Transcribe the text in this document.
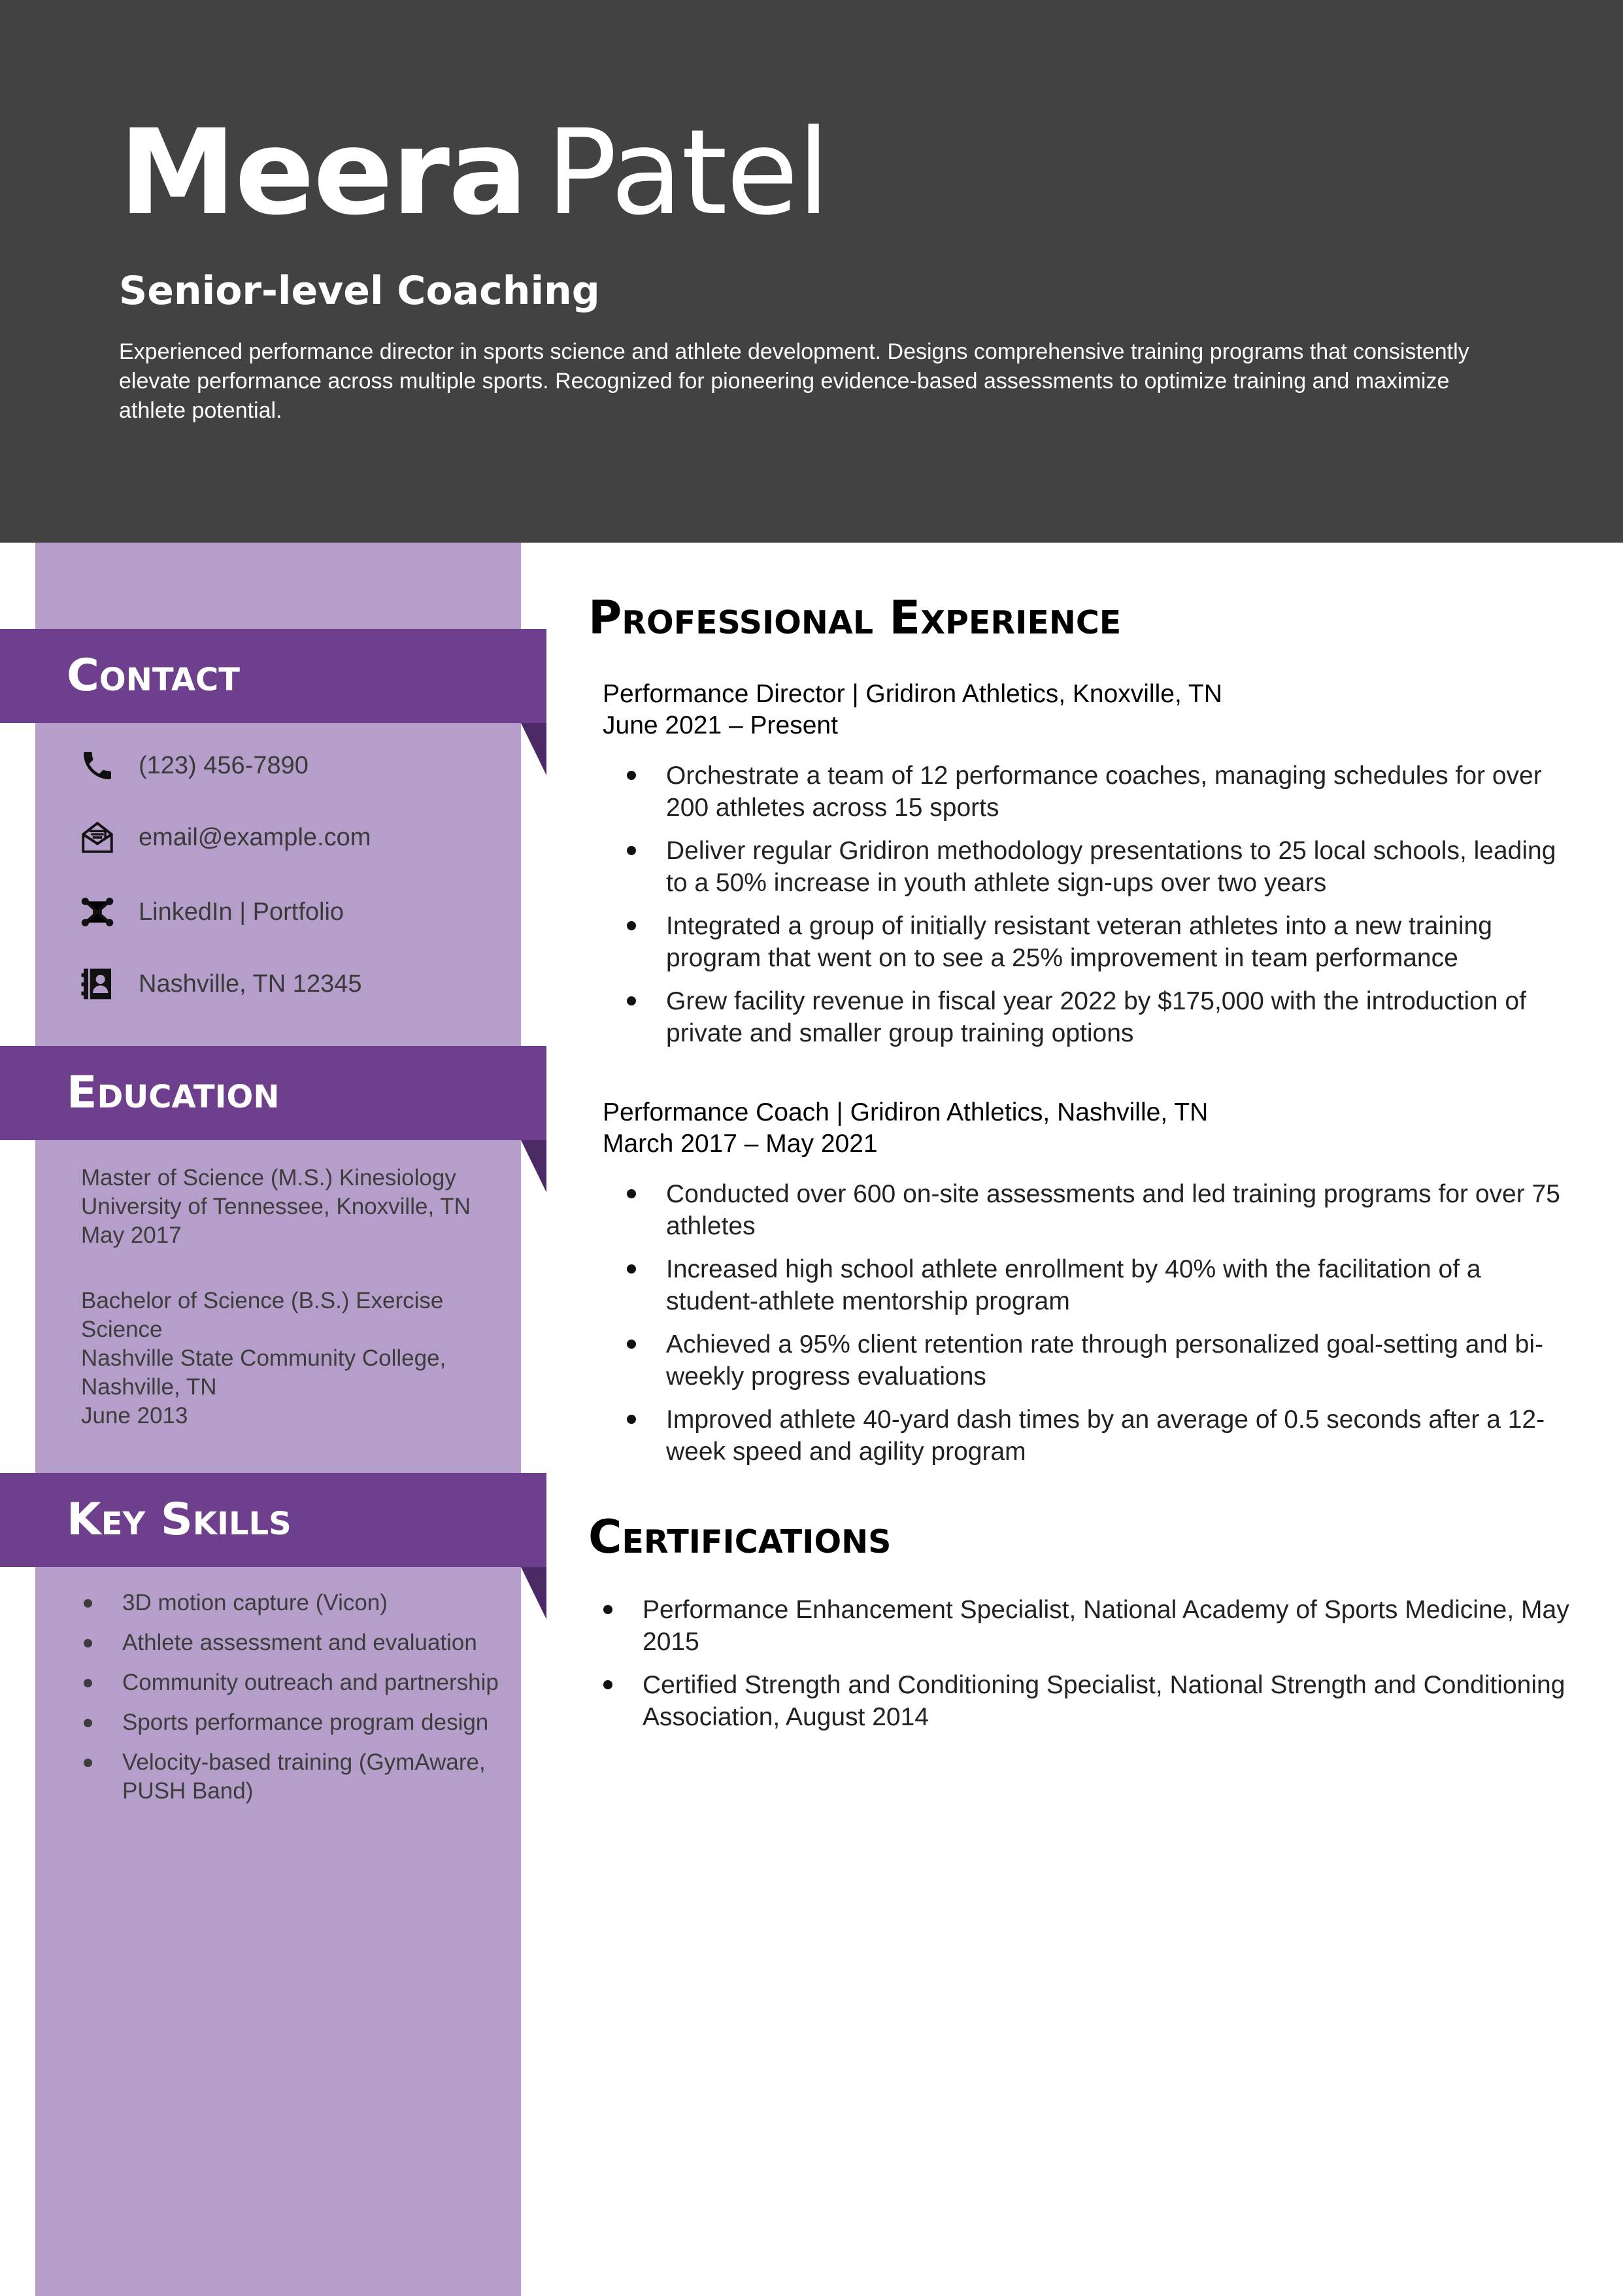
Meera Patel
Senior-level Coaching
Experienced performance director in sports science and athlete development. Designs comprehensive training programs that consistently elevate performance across multiple sports. Recognized for pioneering evidence-based assessments to optimize training and maximize athlete potential.
Contact
(123) 456-7890
email@example.com
LinkedIn | Portfolio
Nashville, TN 12345
Education
Master of Science (M.S.) Kinesiology
University of Tennessee, Knoxville, TN
May 2017
Bachelor of Science (B.S.) Exercise Science
Nashville State Community College, Nashville, TN
June 2013
Key Skills
3D motion capture (Vicon)
Athlete assessment and evaluation
Community outreach and partnership
Sports performance program design
Velocity-based training (GymAware, PUSH Band)
Professional Experience
Performance Director | Gridiron Athletics, Knoxville, TN
June 2021 – Present
Orchestrate a team of 12 performance coaches, managing schedules for over 200 athletes across 15 sports
Deliver regular Gridiron methodology presentations to 25 local schools, leading to a 50% increase in youth athlete sign-ups over two years
Integrated a group of initially resistant veteran athletes into a new training program that went on to see a 25% improvement in team performance
Grew facility revenue in fiscal year 2022 by $175,000 with the introduction of private and smaller group training options
Performance Coach | Gridiron Athletics, Nashville, TN
March 2017 – May 2021
Conducted over 600 on-site assessments and led training programs for over 75 athletes
Increased high school athlete enrollment by 40% with the facilitation of a student-athlete mentorship program
Achieved a 95% client retention rate through personalized goal-setting and bi-weekly progress evaluations
Improved athlete 40-yard dash times by an average of 0.5 seconds after a 12-week speed and agility program
Certifications
Performance Enhancement Specialist, National Academy of Sports Medicine, May 2015
Certified Strength and Conditioning Specialist, National Strength and Conditioning Association, August 2014
